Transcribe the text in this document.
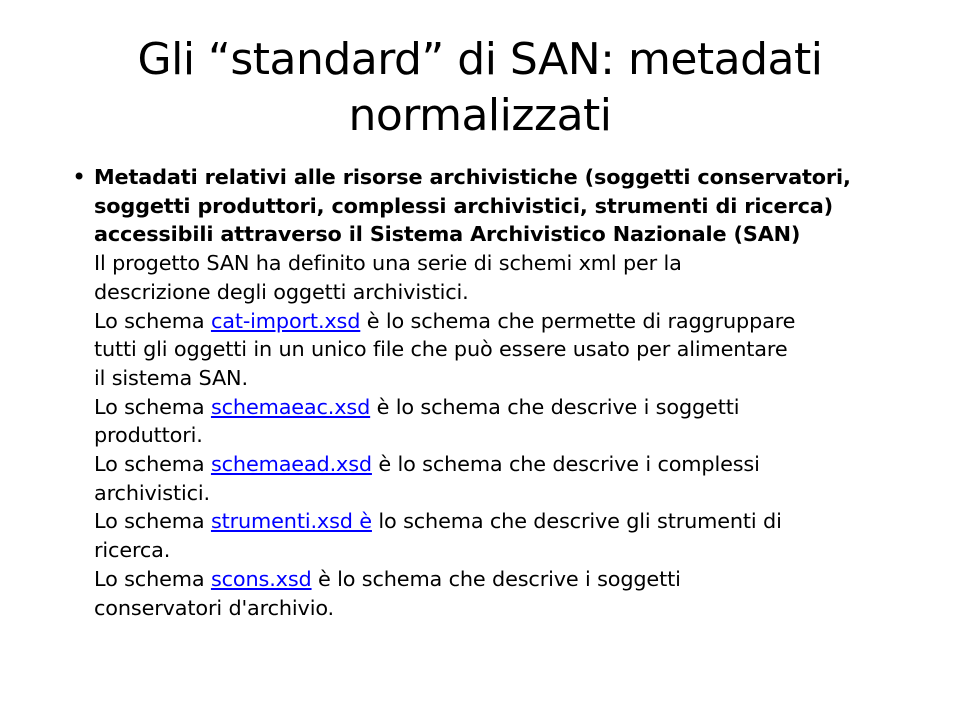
Gli “standard” di SAN: metadati
normalizzati
• Metadati relativi alle risorse archivistiche (soggetti conservatori,
soggetti produttori, complessi archivistici, strumenti di ricerca)
accessibili attraverso il Sistema Archivistico Nazionale (SAN)
Il progetto SAN ha definito una serie di schemi xml per la
descrizione degli oggetti archivistici.
Lo schema cat-import.xsd è lo schema che permette di raggruppare
tutti gli oggetti in un unico file che può essere usato per alimentare
il sistema SAN.
Lo schema schemaeac.xsd è lo schema che descrive i soggetti
produttori.
Lo schema schemaead.xsd è lo schema che descrive i complessi
archivistici.
Lo schema strumenti.xsd è lo schema che descrive gli strumenti di
ricerca.
Lo schema scons.xsd è lo schema che descrive i soggetti
conservatori d'archivio.
